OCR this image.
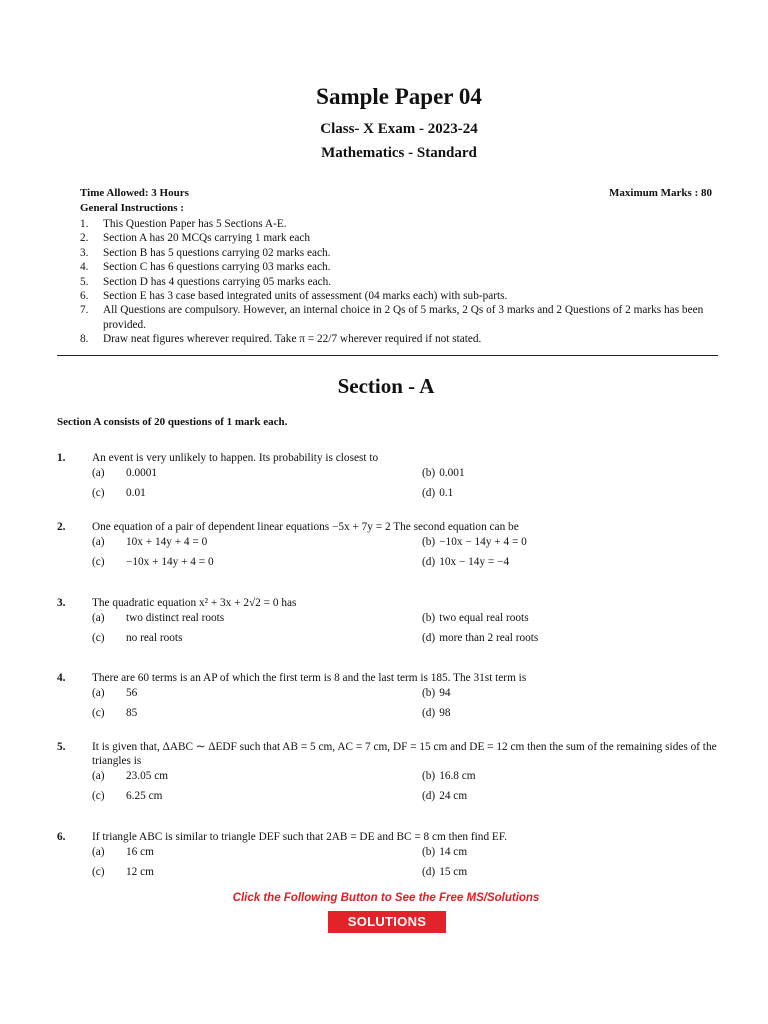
Sample Paper 04
Class- X Exam - 2023-24
Mathematics - Standard
Time Allowed: 3 Hours	Maximum Marks : 80
General Instructions :
1.	This Question Paper has 5 Sections A-E.
2.	Section A has 20 MCQs carrying 1 mark each
3.	Section B has 5 questions carrying 02 marks each.
4.	Section C has 6 questions carrying 03 marks each.
5.	Section D has 4 questions carrying 05 marks each.
6.	Section E has 3 case based integrated units of assessment (04 marks each) with sub-parts.
7.	All Questions are compulsory. However, an internal choice in 2 Qs of 5 marks, 2 Qs of 3 marks and 2 Questions of 2 marks has been provided.
8.	Draw neat figures wherever required. Take π = 22/7 wherever required if not stated.
Section - A
Section A consists of 20 questions of 1 mark each.
1.	An event is very unlikely to happen. Its probability is closest to
(a)	0.0001	(b) 0.001
(c)	0.01	(d) 0.1
2.	One equation of a pair of dependent linear equations −5x + 7y = 2 The second equation can be
(a)	10x + 14y + 4 = 0	(b) −10x − 14y + 4 = 0
(c)	−10x + 14y + 4 = 0	(d) 10x − 14y = −4
3.	The quadratic equation x² + 3x + 2√2 = 0 has
(a)	two distinct real roots	(b) two equal real roots
(c)	no real roots	(d) more than 2 real roots
4.	There are 60 terms is an AP of which the first term is 8 and the last term is 185. The 31st term is
(a)	56	(b) 94
(c)	85	(d) 98
5.	It is given that, ΔABC ∼ ΔEDF such that AB = 5 cm, AC = 7 cm, DF = 15 cm and DE = 12 cm then the sum of the remaining sides of the triangles is
(a)	23.05 cm	(b) 16.8 cm
(c)	6.25 cm	(d) 24 cm
6.	If triangle ABC is similar to triangle DEF such that 2AB = DE and BC = 8 cm then find EF.
(a)	16 cm	(b) 14 cm
(c)	12 cm	(d) 15 cm
Click the Following Button to See the Free MS/Solutions
SOLUTIONS
